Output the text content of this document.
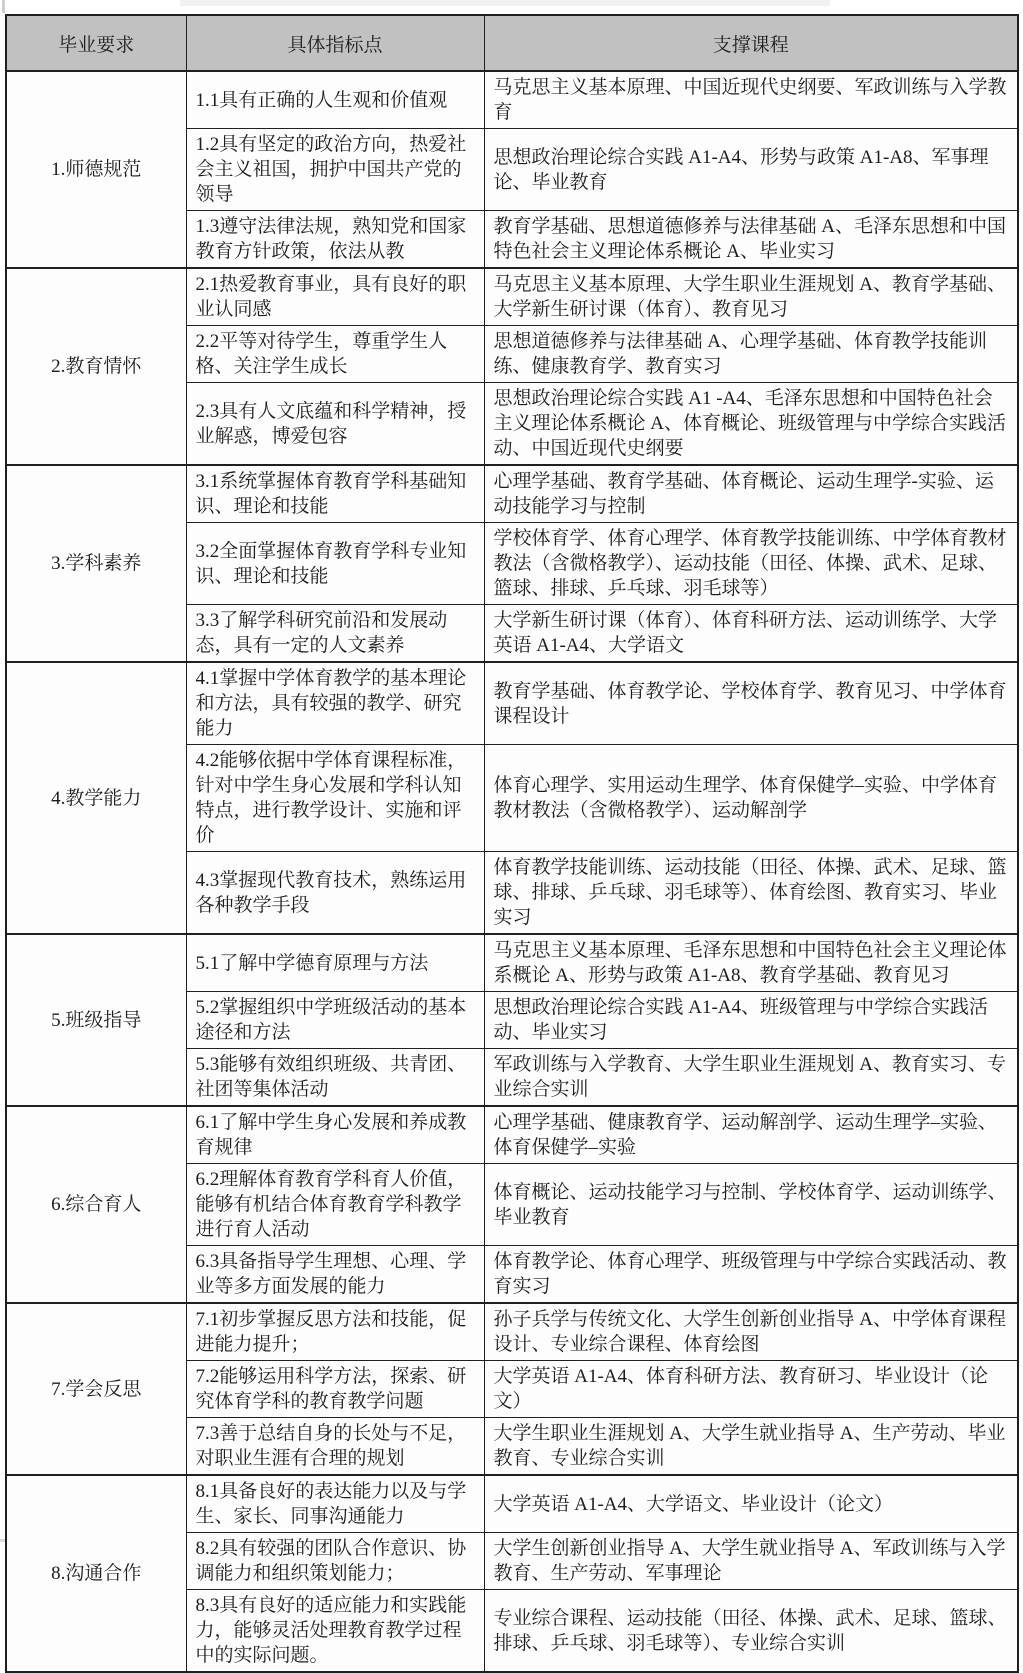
毕业要求	具体指标点	支撑课程
1.师德规范	1.1具有正确的人生观和价值观	马克思主义基本原理、中国近现代史纲要、军政训练与入学教育
	1.2具有坚定的政治方向，热爱社会主义祖国，拥护中国共产党的领导	思想政治理论综合实践 A1-A4、形势与政策 A1-A8、军事理论、毕业教育
	1.3遵守法律法规，熟知党和国家教育方针政策，依法从教	教育学基础、思想道德修养与法律基础 A、毛泽东思想和中国特色社会主义理论体系概论 A、毕业实习
2.教育情怀	2.1热爱教育事业，具有良好的职业认同感	马克思主义基本原理、大学生职业生涯规划 A、教育学基础、大学新生研讨课（体育）、教育见习
	2.2平等对待学生，尊重学生人格、关注学生成长	思想道德修养与法律基础 A、心理学基础、体育教学技能训练、健康教育学、教育实习
	2.3具有人文底蕴和科学精神，授业解惑，博爱包容	思想政治理论综合实践 A1 -A4、毛泽东思想和中国特色社会主义理论体系概论 A、体育概论、班级管理与中学综合实践活动、中国近现代史纲要
3.学科素养	3.1系统掌握体育教育学科基础知识、理论和技能	心理学基础、教育学基础、体育概论、运动生理学-实验、运动技能学习与控制
	3.2全面掌握体育教育学科专业知识、理论和技能	学校体育学、体育心理学、体育教学技能训练、中学体育教材教法（含微格教学）、运动技能（田径、体操、武术、足球、篮球、排球、乒乓球、羽毛球等）
	3.3了解学科研究前沿和发展动态，具有一定的人文素养	大学新生研讨课（体育）、体育科研方法、运动训练学、大学英语 A1-A4、大学语文
4.教学能力	4.1掌握中学体育教学的基本理论和方法，具有较强的教学、研究能力	教育学基础、体育教学论、学校体育学、教育见习、中学体育课程设计
	4.2能够依据中学体育课程标准，针对中学生身心发展和学科认知特点，进行教学设计、实施和评价	体育心理学、实用运动生理学、体育保健学–实验、中学体育教材教法（含微格教学）、运动解剖学
	4.3掌握现代教育技术，熟练运用各种教学手段	体育教学技能训练、运动技能（田径、体操、武术、足球、篮球、排球、乒乓球、羽毛球等）、体育绘图、教育实习、毕业实习
5.班级指导	5.1了解中学德育原理与方法	马克思主义基本原理、毛泽东思想和中国特色社会主义理论体系概论 A、形势与政策 A1-A8、教育学基础、教育见习
	5.2掌握组织中学班级活动的基本途径和方法	思想政治理论综合实践 A1-A4、班级管理与中学综合实践活动、毕业实习
	5.3能够有效组织班级、共青团、社团等集体活动	军政训练与入学教育、大学生职业生涯规划 A、教育实习、专业综合实训
6.综合育人	6.1了解中学生身心发展和养成教育规律	心理学基础、健康教育学、运动解剖学、运动生理学–实验、体育保健学–实验
	6.2理解体育教育学科育人价值，能够有机结合体育教育学科教学进行育人活动	体育概论、运动技能学习与控制、学校体育学、运动训练学、毕业教育
	6.3具备指导学生理想、心理、学业等多方面发展的能力	体育教学论、体育心理学、班级管理与中学综合实践活动、教育实习
7.学会反思	7.1初步掌握反思方法和技能，促进能力提升；	孙子兵学与传统文化、大学生创新创业指导 A、中学体育课程设计、专业综合课程、体育绘图
	7.2能够运用科学方法，探索、研究体育学科的教育教学问题	大学英语 A1-A4、体育科研方法、教育研习、毕业设计（论文）
	7.3善于总结自身的长处与不足，对职业生涯有合理的规划	大学生职业生涯规划 A、大学生就业指导 A、生产劳动、毕业教育、专业综合实训
8.沟通合作	8.1具备良好的表达能力以及与学生、家长、同事沟通能力	大学英语 A1-A4、大学语文、毕业设计（论文）
	8.2具有较强的团队合作意识、协调能力和组织策划能力；	大学生创新创业指导 A、大学生就业指导 A、军政训练与入学教育、生产劳动、军事理论
	8.3具有良好的适应能力和实践能力，能够灵活处理教育教学过程中的实际问题。	专业综合课程、运动技能（田径、体操、武术、足球、篮球、排球、乒乓球、羽毛球等）、专业综合实训
